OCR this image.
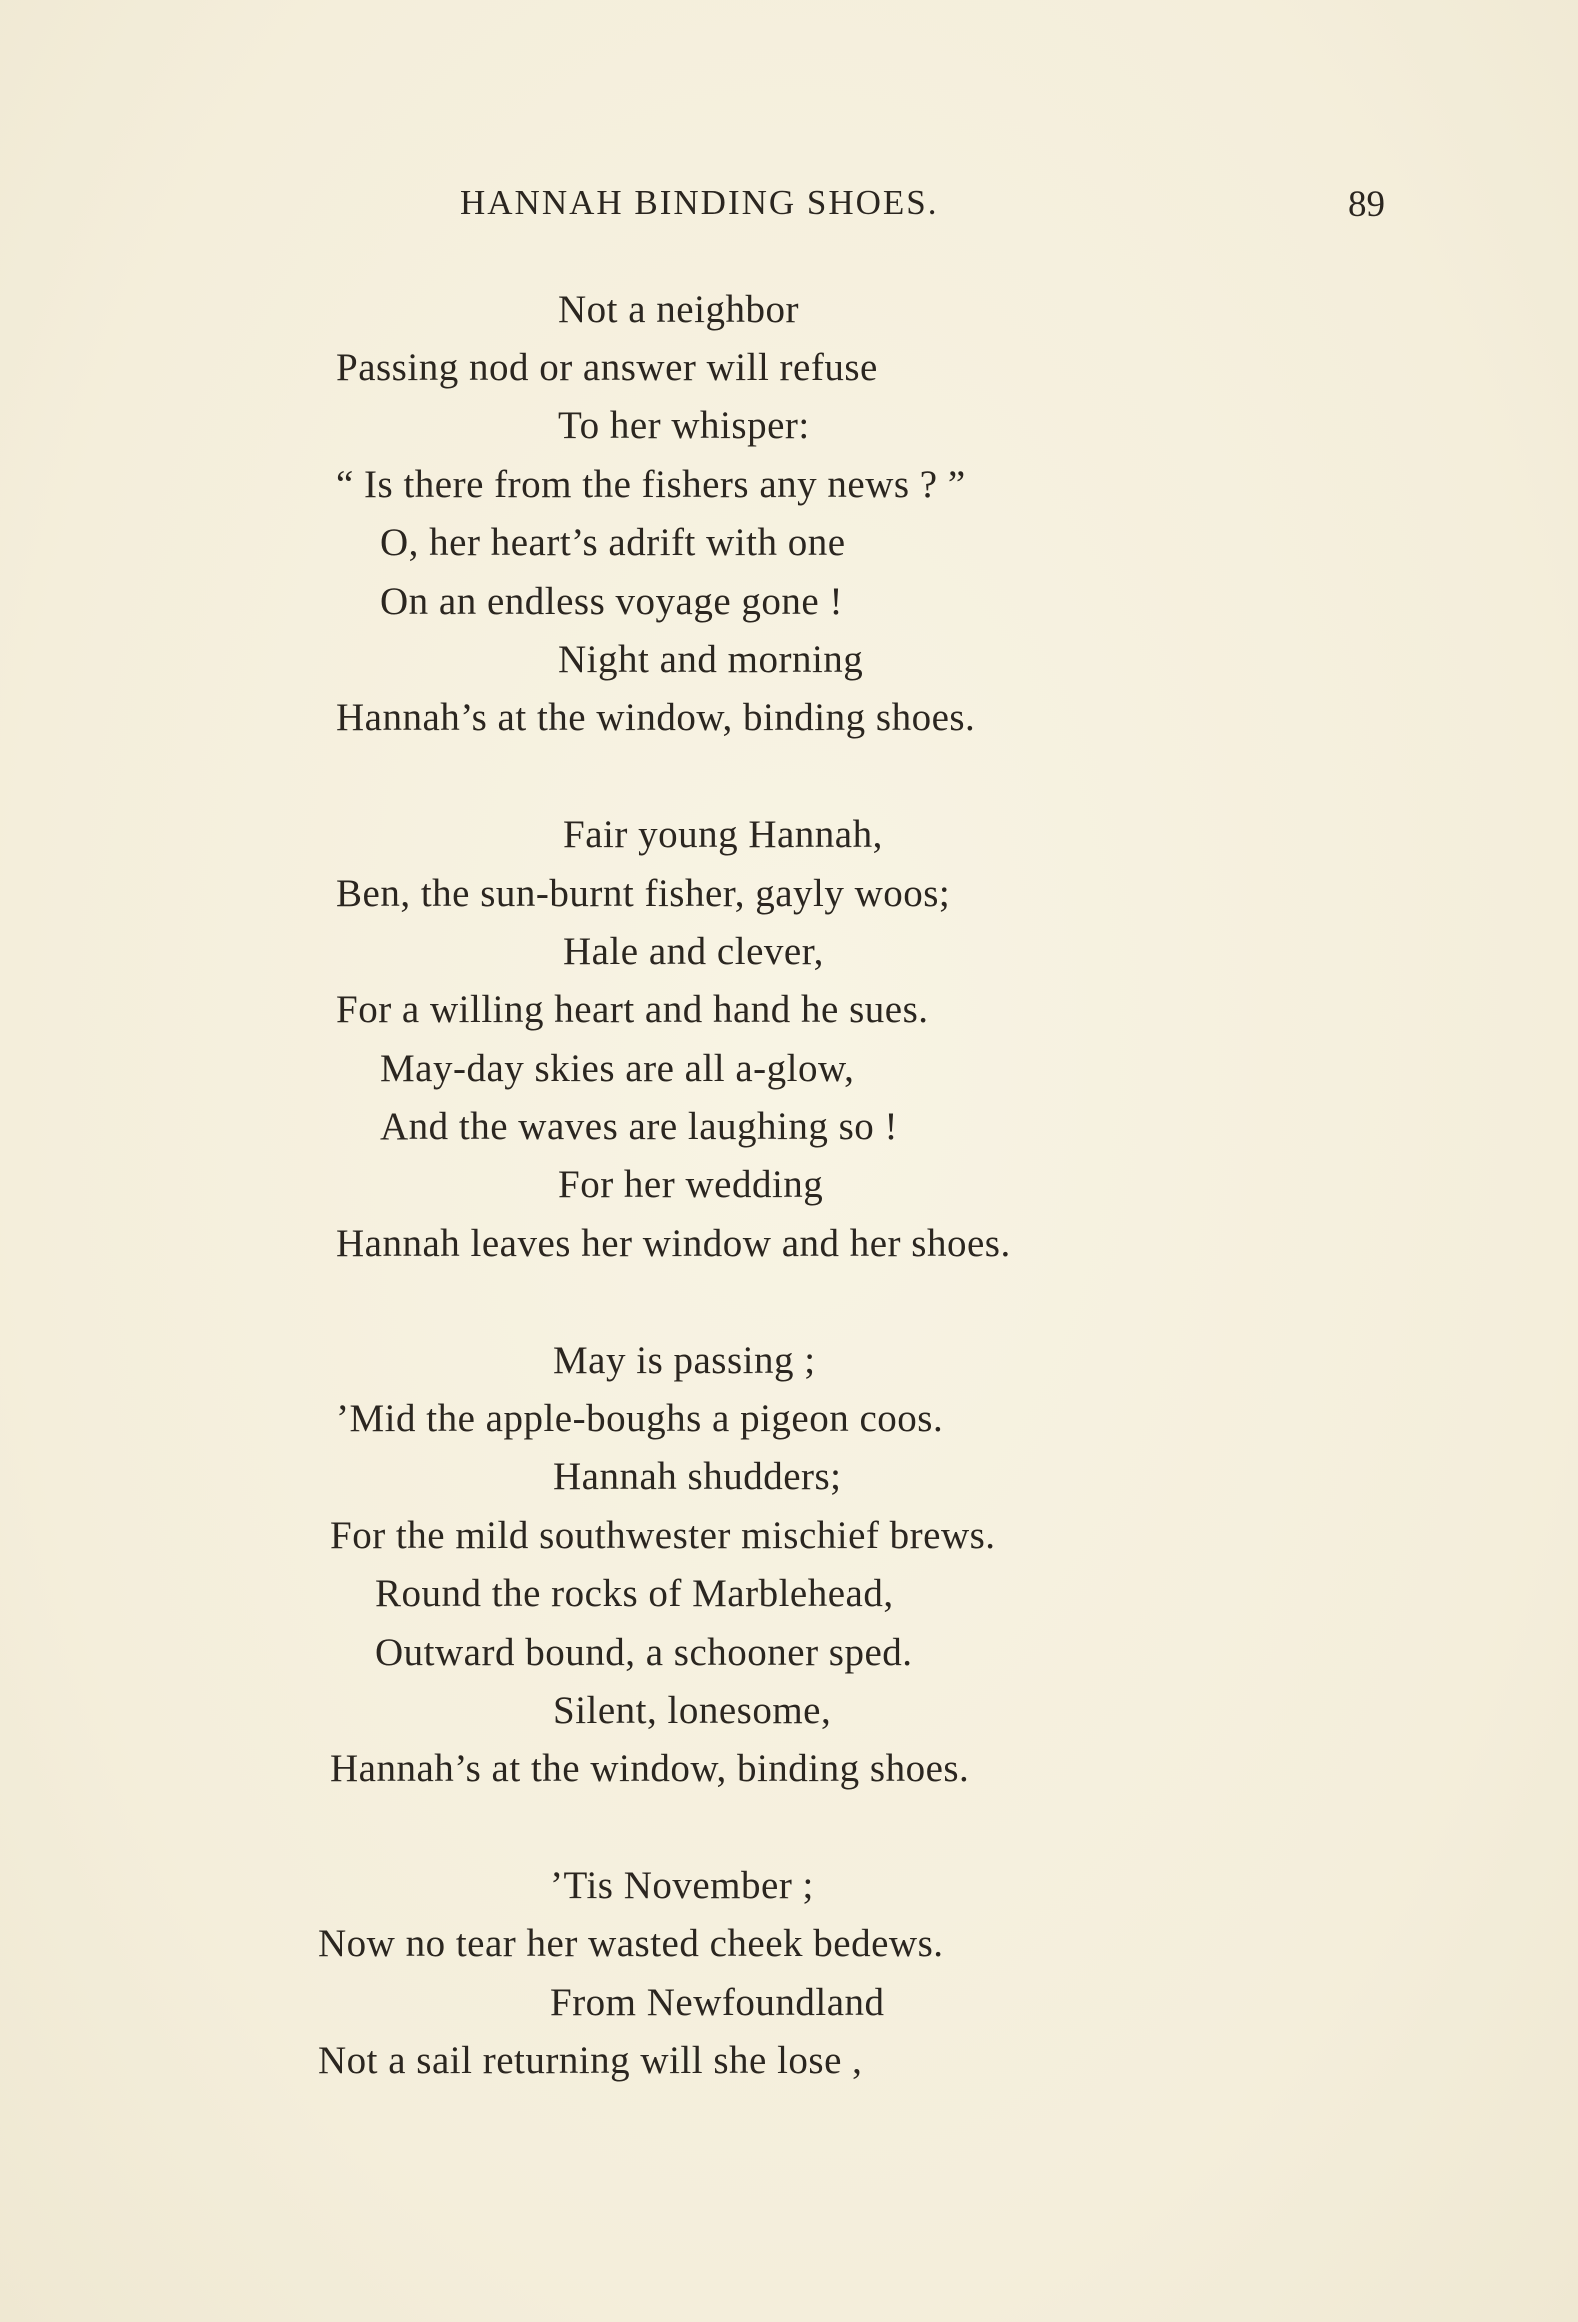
HANNAH BINDING SHOES.	89
Not a neighbor
Passing nod or answer will refuse
To her whisper:
“ Is there from the fishers any news ? ”
O, her heart’s adrift with one
On an endless voyage gone !
Night and morning
Hannah’s at the window, binding shoes.
Fair young Hannah,
Ben, the sun-burnt fisher, gayly woos;
Hale and clever,
For a willing heart and hand he sues.
May-day skies are all a-glow,
And the waves are laughing so !
For her wedding
Hannah leaves her window and her shoes.
May is passing ;
’Mid the apple-boughs a pigeon coos.
Hannah shudders;
For the mild southwester mischief brews.
Round the rocks of Marblehead,
Outward bound, a schooner sped.
Silent, lonesome,
Hannah’s at the window, binding shoes.
’Tis November ;
Now no tear her wasted cheek bedews.
From Newfoundland
Not a sail returning will she lose ,
